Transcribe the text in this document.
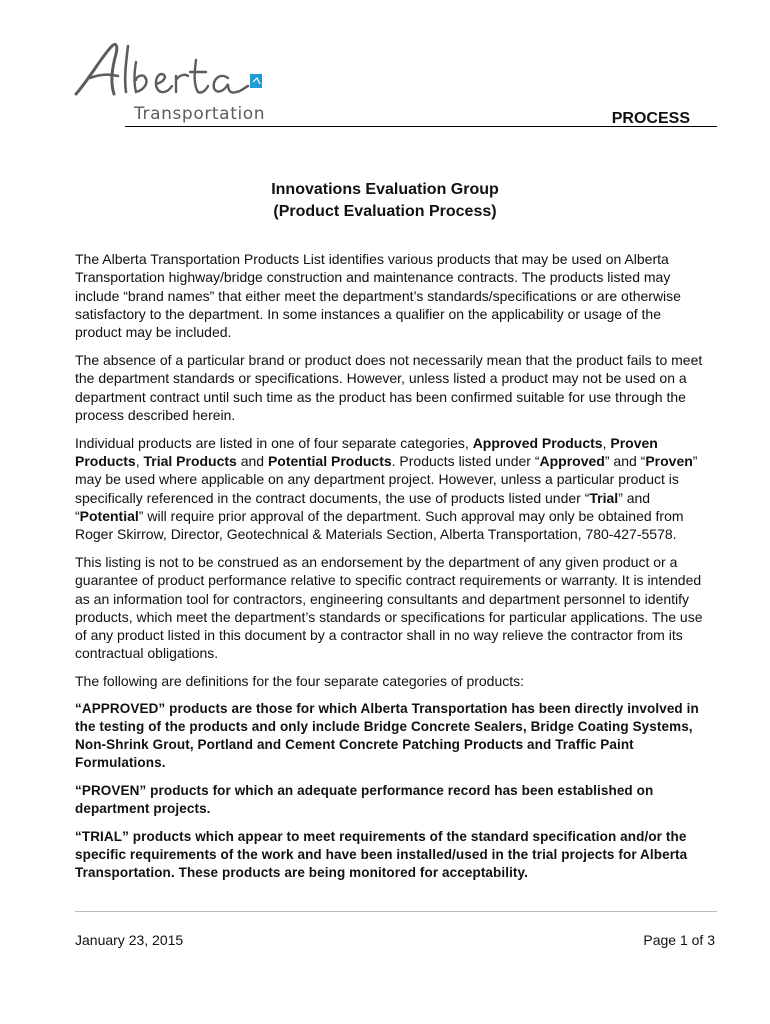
Transportation	PROCESS
Innovations Evaluation Group
(Product Evaluation Process)

The Alberta Transportation Products List identifies various products that may be used on Alberta Transportation highway/bridge construction and maintenance contracts. The products listed may include “brand names” that either meet the department’s standards/specifications or are otherwise satisfactory to the department. In some instances a qualifier on the applicability or usage of the product may be included.

The absence of a particular brand or product does not necessarily mean that the product fails to meet the department standards or specifications. However, unless listed a product may not be used on a department contract until such time as the product has been confirmed suitable for use through the process described herein.

Individual products are listed in one of four separate categories, Approved Products, Proven Products, Trial Products and Potential Products. Products listed under “Approved” and “Proven” may be used where applicable on any department project. However, unless a particular product is specifically referenced in the contract documents, the use of products listed under “Trial” and “Potential” will require prior approval of the department. Such approval may only be obtained from Roger Skirrow, Director, Geotechnical & Materials Section, Alberta Transportation, 780-427-5578.

This listing is not to be construed as an endorsement by the department of any given product or a guarantee of product performance relative to specific contract requirements or warranty. It is intended as an information tool for contractors, engineering consultants and department personnel to identify products, which meet the department’s standards or specifications for particular applications. The use of any product listed in this document by a contractor shall in no way relieve the contractor from its contractual obligations.

The following are definitions for the four separate categories of products:

“APPROVED” products are those for which Alberta Transportation has been directly involved in the testing of the products and only include Bridge Concrete Sealers, Bridge Coating Systems, Non-Shrink Grout, Portland and Cement Concrete Patching Products and Traffic Paint Formulations.

“PROVEN” products for which an adequate performance record has been established on department projects.

“TRIAL” products which appear to meet requirements of the standard specification and/or the specific requirements of the work and have been installed/used in the trial projects for Alberta Transportation. These products are being monitored for acceptability.

January 23, 2015	Page 1 of 3
